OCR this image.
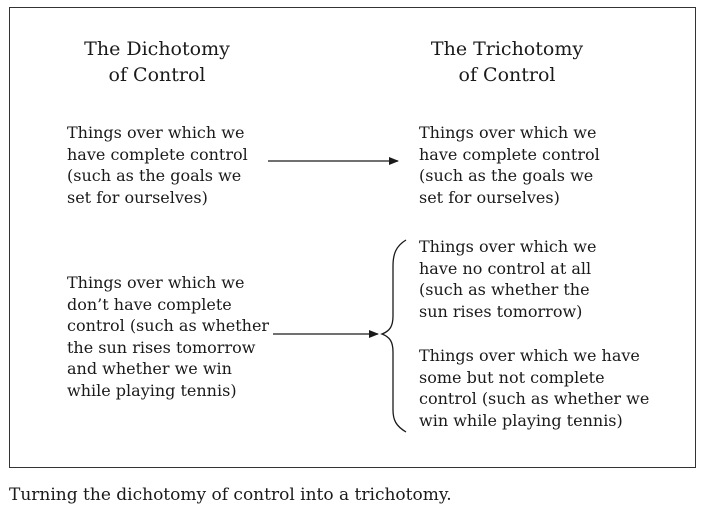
The Dichotomy
of Control
The Trichotomy
of Control
Things over which we
have complete control
(such as the goals we
set for ourselves)
Things over which we
have complete control
(such as the goals we
set for ourselves)
Things over which we
don’t have complete
control (such as whether
the sun rises tomorrow
and whether we win
while playing tennis)
Things over which we
have no control at all
(such as whether the
sun rises tomorrow)
Things over which we have
some but not complete
control (such as whether we
win while playing tennis)
Turning the dichotomy of control into a trichotomy.
